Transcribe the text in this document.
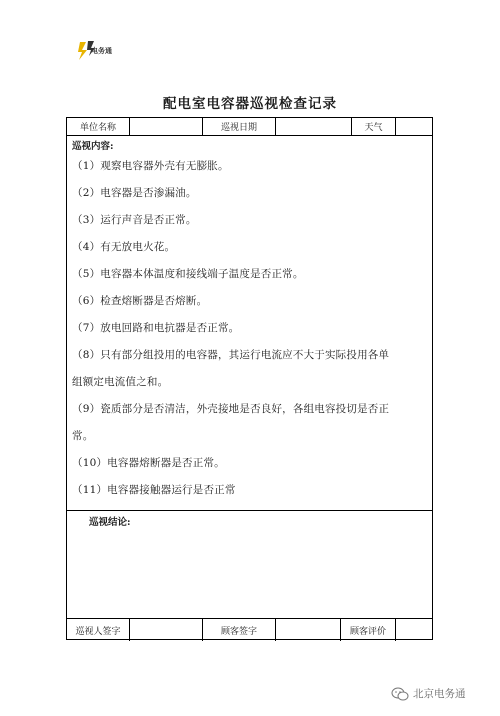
电务通
配电室电容器巡视检查记录
单位名称	巡视日期	天气
巡视内容:
（1）观察电容器外壳有无膨胀。
（2）电容器是否渗漏油。
（3）运行声音是否正常。
（4）有无放电火花。
（5）电容器本体温度和接线端子温度是否正常。
（6）检查熔断器是否熔断。
（7）放电回路和电抗器是否正常。
（8）只有部分组投用的电容器，其运行电流应不大于实际投用各单
组额定电流值之和。
（9）瓷质部分是否清洁，外壳接地是否良好，各组电容投切是否正
常。
（10）电容器熔断器是否正常。
（11）电容器接触器运行是否正常
巡视结论:
巡视人签字	顾客签字	顾客评价
北京电务通
